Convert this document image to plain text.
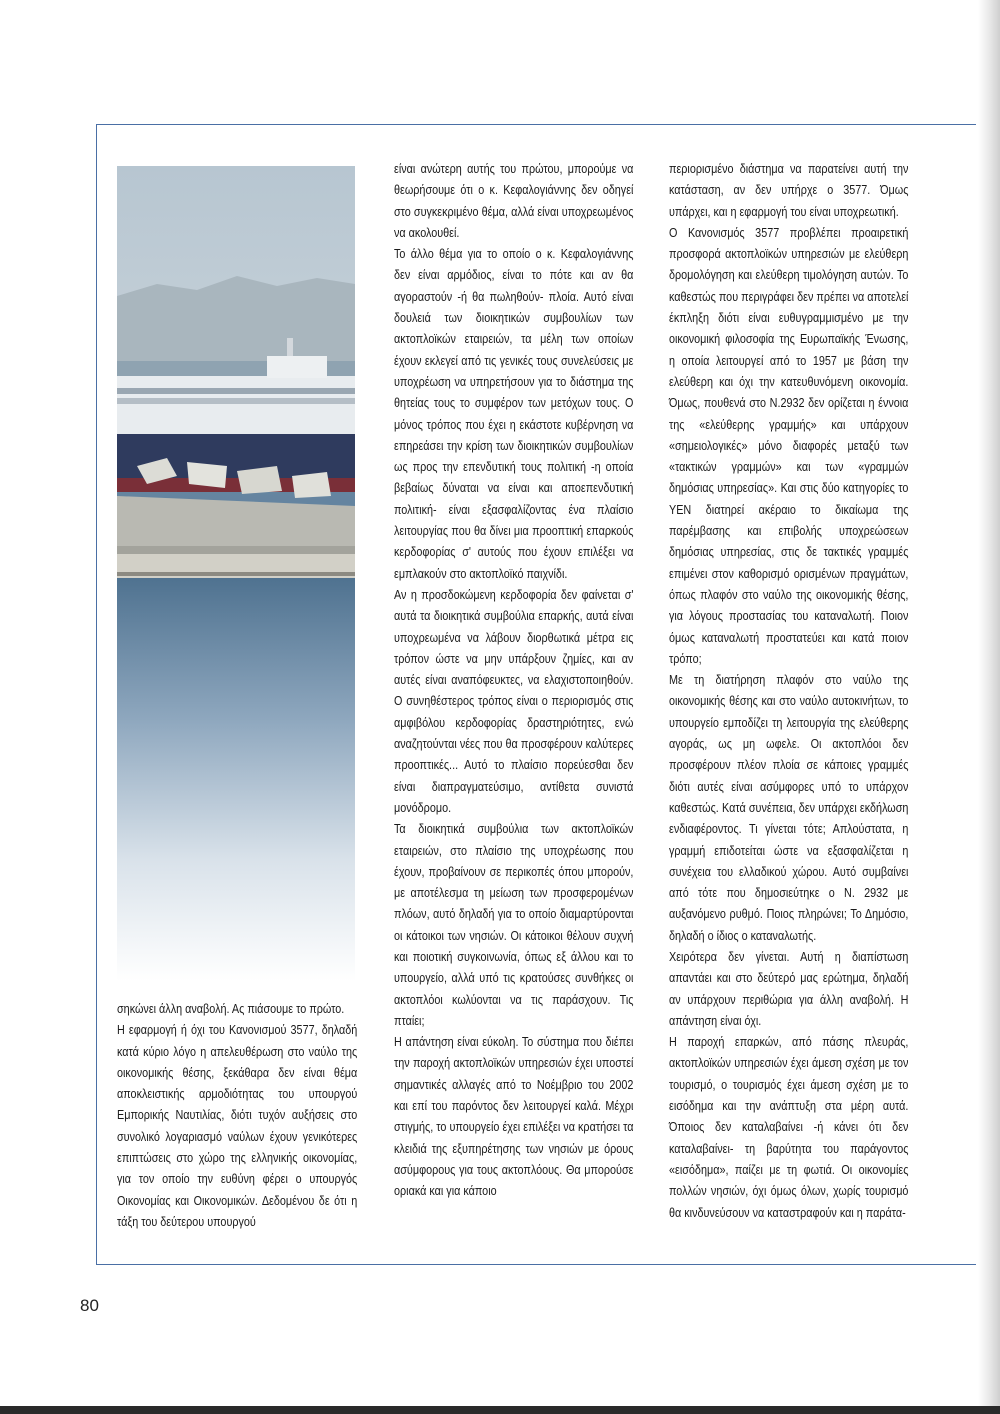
σηκώνει άλλη αναβολή. Ας πιάσουμε το πρώτο.

Η εφαρμογή ή όχι του Κανονισμού 3577, δηλαδή κατά κύριο λόγο η απελευθέρωση στο ναύλο της οικονομικής θέσης, ξεκάθαρα δεν είναι θέμα αποκλειστικής αρμοδιότητας του υπουργού Εμπορικής Ναυτιλίας, διότι τυχόν αυξήσεις στο συνολικό λογαριασμό ναύλων έχουν γενικότερες επιπτώσεις στο χώρο της ελληνικής οικονομίας, για τον οποίο την ευθύνη φέρει ο υπουργός Οικονομίας και Οικονομικών. Δεδομένου δε ότι η τάξη του δεύτερου υπουργού

είναι ανώτερη αυτής του πρώτου, μπορούμε να θεωρήσουμε ότι ο κ. Κεφαλογιάννης δεν οδηγεί στο συγκεκριμένο θέμα, αλλά είναι υποχρεωμένος να ακολουθεί.

Το άλλο θέμα για το οποίο ο κ. Κεφαλογιάννης δεν είναι αρμόδιος, είναι το πότε και αν θα αγοραστούν -ή θα πωληθούν- πλοία. Αυτό είναι δουλειά των διοικητικών συμβουλίων των ακτοπλοϊκών εταιρειών, τα μέλη των οποίων έχουν εκλεγεί από τις γενικές τους συνελεύσεις με υποχρέωση να υπηρετήσουν για το διάστημα της θητείας τους το συμφέρον των μετόχων τους. Ο μόνος τρόπος που έχει η εκάστοτε κυβέρνηση να επηρεάσει την κρίση των διοικητικών συμβουλίων ως προς την επενδυτική τους πολιτική -η οποία βεβαίως δύναται να είναι και αποεπενδυτική πολιτική- είναι εξασφαλίζοντας ένα πλαίσιο λειτουργίας που θα δίνει μια προοπτική επαρκούς κερδοφορίας σ' αυτούς που έχουν επιλέξει να εμπλακούν στο ακτοπλοϊκό παιχνίδι.

Αν η προσδοκώμενη κερδοφορία δεν φαίνεται σ' αυτά τα διοικητικά συμβούλια επαρκής, αυτά είναι υποχρεωμένα να λάβουν διορθωτικά μέτρα εις τρόπον ώστε να μην υπάρξουν ζημίες, και αν αυτές είναι αναπόφευκτες, να ελαχιστοποιηθούν. Ο συνηθέστερος τρόπος είναι ο περιορισμός στις αμφιβόλου κερδοφορίας δραστηριότητες, ενώ αναζητούνται νέες που θα προσφέρουν καλύτερες προοπτικές... Αυτό το πλαίσιο πορεύεσθαι δεν είναι διαπραγματεύσιμο, αντίθετα συνιστά μονόδρομο.

Τα διοικητικά συμβούλια των ακτοπλοϊκών εταιρειών, στο πλαίσιο της υποχρέωσης που έχουν, προβαίνουν σε περικοπές όπου μπορούν, με αποτέλεσμα τη μείωση των προσφερομένων πλόων, αυτό δηλαδή για το οποίο διαμαρτύρονται οι κάτοικοι των νησιών. Οι κάτοικοι θέλουν συχνή και ποιοτική συγκοινωνία, όπως εξ άλλου και το υπουργείο, αλλά υπό τις κρατούσες συνθήκες οι ακτοπλόοι κωλύονται να τις παράσχουν. Τις πταίει;

Η απάντηση είναι εύκολη. Το σύστημα που διέπει την παροχή ακτοπλοϊκών υπηρεσιών έχει υποστεί σημαντικές αλλαγές από το Νοέμβριο του 2002 και επί του παρόντος δεν λειτουργεί καλά. Μέχρι στιγμής, το υπουργείο έχει επιλέξει να κρατήσει τα κλειδιά της εξυπηρέτησης των νησιών με όρους ασύμφορους για τους ακτοπλόους. Θα μπορούσε οριακά και για κάποιο

περιορισμένο διάστημα να παρατείνει αυτή την κατάσταση, αν δεν υπήρχε ο 3577. Όμως υπάρχει, και η εφαρμογή του είναι υποχρεωτική.

Ο Κανονισμός 3577 προβλέπει προαιρετική προσφορά ακτοπλοϊκών υπηρεσιών με ελεύθερη δρομολόγηση και ελεύθερη τιμολόγηση αυτών. Το καθεστώς που περιγράφει δεν πρέπει να αποτελεί έκπληξη διότι είναι ευθυγραμμισμένο με την οικονομική φιλοσοφία της Ευρωπαϊκής Ένωσης, η οποία λειτουργεί από το 1957 με βάση την ελεύθερη και όχι την κατευθυνόμενη οικονομία. Όμως, πουθενά στο Ν.2932 δεν ορίζεται η έννοια της «ελεύθερης γραμμής» και υπάρχουν «σημειολογικές» μόνο διαφορές μεταξύ των «τακτικών γραμμών» και των «γραμμών δημόσιας υπηρεσίας». Και στις δύο κατηγορίες το ΥΕΝ διατηρεί ακέραιο το δικαίωμα της παρέμβασης και επιβολής υποχρεώσεων δημόσιας υπηρεσίας, στις δε τακτικές γραμμές επιμένει στον καθορισμό ορισμένων πραγμάτων, όπως πλαφόν στο ναύλο της οικονομικής θέσης, για λόγους προστασίας του καταναλωτή. Ποιον όμως καταναλωτή προστατεύει και κατά ποιον τρόπο;

Με τη διατήρηση πλαφόν στο ναύλο της οικονομικής θέσης και στο ναύλο αυτοκινήτων, το υπουργείο εμποδίζει τη λειτουργία της ελεύθερης αγοράς, ως μη ωφελε. Οι ακτοπλόοι δεν προσφέρουν πλέον πλοία σε κάποιες γραμμές διότι αυτές είναι ασύμφορες υπό το υπάρχον καθεστώς. Κατά συνέπεια, δεν υπάρχει εκδήλωση ενδιαφέροντος. Τι γίνεται τότε; Απλούστατα, η γραμμή επιδοτείται ώστε να εξασφαλίζεται η συνέχεια του ελλαδικού χώρου. Αυτό συμβαίνει από τότε που δημοσιεύτηκε ο Ν. 2932 με αυξανόμενο ρυθμό. Ποιος πληρώνει; Το Δημόσιο, δηλαδή ο ίδιος ο καταναλωτής.

Χειρότερα δεν γίνεται. Αυτή η διαπίστωση απαντάει και στο δεύτερό μας ερώτημα, δηλαδή αν υπάρχουν περιθώρια για άλλη αναβολή. Η απάντηση είναι όχι.

Η παροχή επαρκών, από πάσης πλευράς, ακτοπλοϊκών υπηρεσιών έχει άμεση σχέση με τον τουρισμό, ο τουρισμός έχει άμεση σχέση με το εισόδημα και την ανάπτυξη στα μέρη αυτά. Όποιος δεν καταλαβαίνει -ή κάνει ότι δεν καταλαβαίνει- τη βαρύτητα του παράγοντος «εισόδημα», παίζει με τη φωτιά. Οι οικονομίες πολλών νησιών, όχι όμως όλων, χωρίς τουρισμό θα κινδυνεύσουν να καταστραφούν και η παράτα-

80
